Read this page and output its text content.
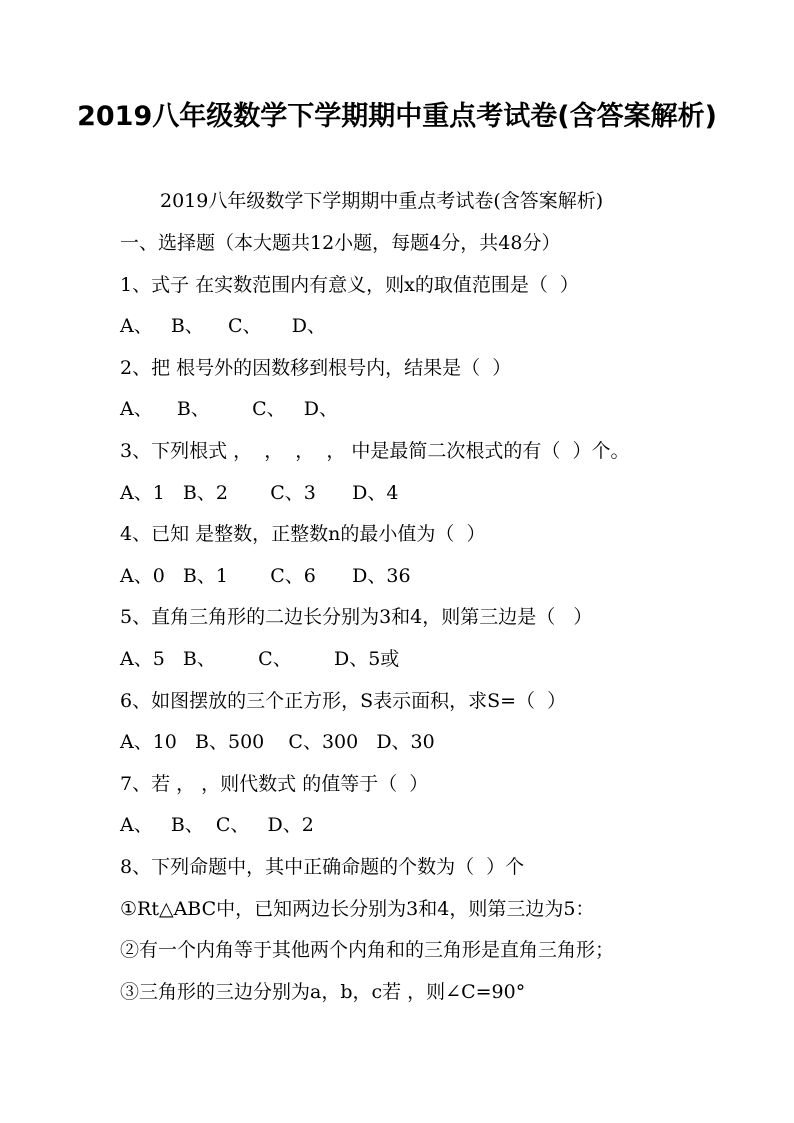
2019八年级数学下学期期中重点考试卷(含答案解析)
2019八年级数学下学期期中重点考试卷(含答案解析)
一、选择题（本大题共12小题，每题4分，共48分）
1、式子 在实数范围内有意义，则x的取值范围是（  ）
A、   B、    C、     D、
2、把 根号外的因数移到根号内，结果是（  ）
A、    B、       C、   D、
3、下列根式 ，  ，  ，  ， 中是最简二次根式的有（  ）个。
A、1   B、2       C、3      D、4
4、已知 是整数，正整数n的最小值为（  ）
A、0   B、1       C、6      D、36
5、直角三角形的二边长分别为3和4，则第三边是（   ）
A、5   B、       C、       D、5或
6、如图摆放的三个正方形，S表示面积，求S=（  ）
A、10   B、500    C、300   D、30
7、若 ， ，则代数式 的值等于（  ）
A、   B、  C、   D、2
8、下列命题中，其中正确命题的个数为（  ）个
①Rt△ABC中，已知两边长分别为3和4，则第三边为5：
②有一个内角等于其他两个内角和的三角形是直角三角形；
③三角形的三边分别为a，b，c若 ，则∠C=90°
